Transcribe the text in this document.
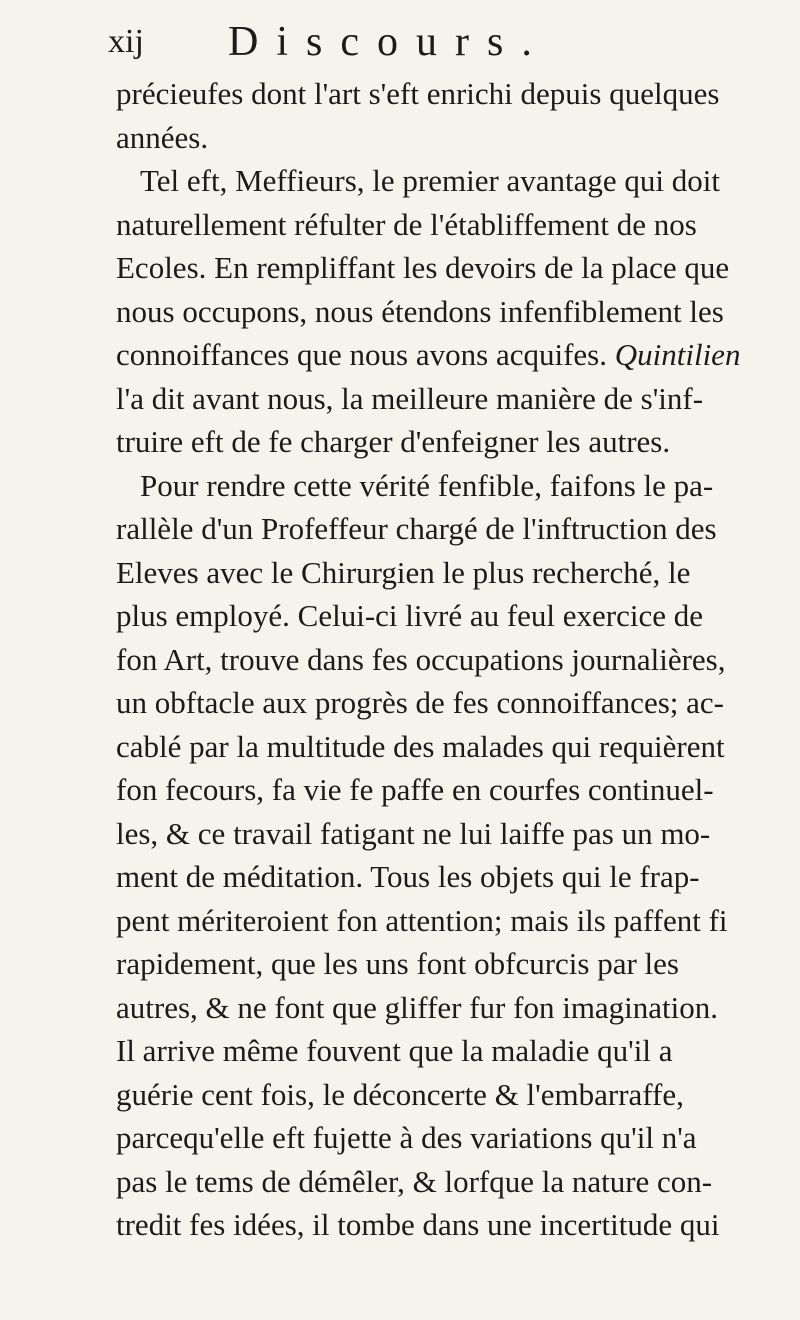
xij Discours.
précieufes dont l'art s'eft enrichi depuis quelques
années.
Tel eft, Meffieurs, le premier avantage qui doit
naturellement réfulter de l'établiffement de nos
Ecoles. En rempliffant les devoirs de la place que
nous occupons, nous étendons infenfiblement les
connoiffances que nous avons acquifes. Quintilien
l'a dit avant nous, la meilleure manière de s'inf-
truire eft de fe charger d'enfeigner les autres.
Pour rendre cette vérité fenfible, faifons le pa-
rallèle d'un Profeffeur chargé de l'inftruction des
Eleves avec le Chirurgien le plus recherché, le
plus employé. Celui-ci livré au feul exercice de
fon Art, trouve dans fes occupations journalières,
un obftacle aux progrès de fes connoiffances; ac-
cablé par la multitude des malades qui requièrent
fon fecours, fa vie fe paffe en courfes continuel-
les, & ce travail fatigant ne lui laiffe pas un mo-
ment de méditation. Tous les objets qui le frap-
pent mériteroient fon attention; mais ils paffent fi
rapidement, que les uns font obfcurcis par les
autres, & ne font que gliffer fur fon imagination.
Il arrive même fouvent que la maladie qu'il a
guérie cent fois, le déconcerte & l'embarraffe,
parcequ'elle eft fujette à des variations qu'il n'a
pas le tems de démêler, & lorfque la nature con-
tredit fes idées, il tombe dans une incertitude qui
